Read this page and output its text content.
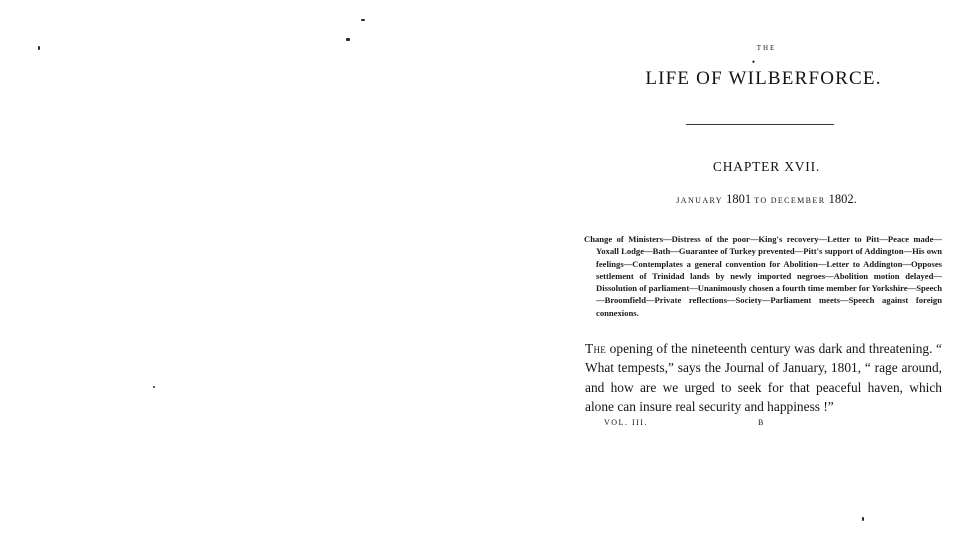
THE

•

LIFE OF WILBERFORCE.

CHAPTER XVII.

JANUARY 1801 TO DECEMBER 1802.

Change of Ministers—Distress of the poor—King's recovery—Letter to Pitt—Peace made—Yoxall Lodge—Bath—Guarantee of Turkey prevented—Pitt's support of Addington—His own feelings—Contemplates a general convention for Abolition—Letter to Addington—Opposes settlement of Trinidad lands by newly imported negroes—Abolition motion delayed—Dissolution of parliament—Unanimously chosen a fourth time member for Yorkshire—Speech—Broomfield—Private reflections—Society—Parliament meets—Speech against foreign connexions.

The opening of the nineteenth century was dark and threatening. “ What tempests,” says the Journal of January, 1801, “ rage around, and how are we urged to seek for that peaceful haven, which alone can insure real security and happiness !”

VOL. III.	B
